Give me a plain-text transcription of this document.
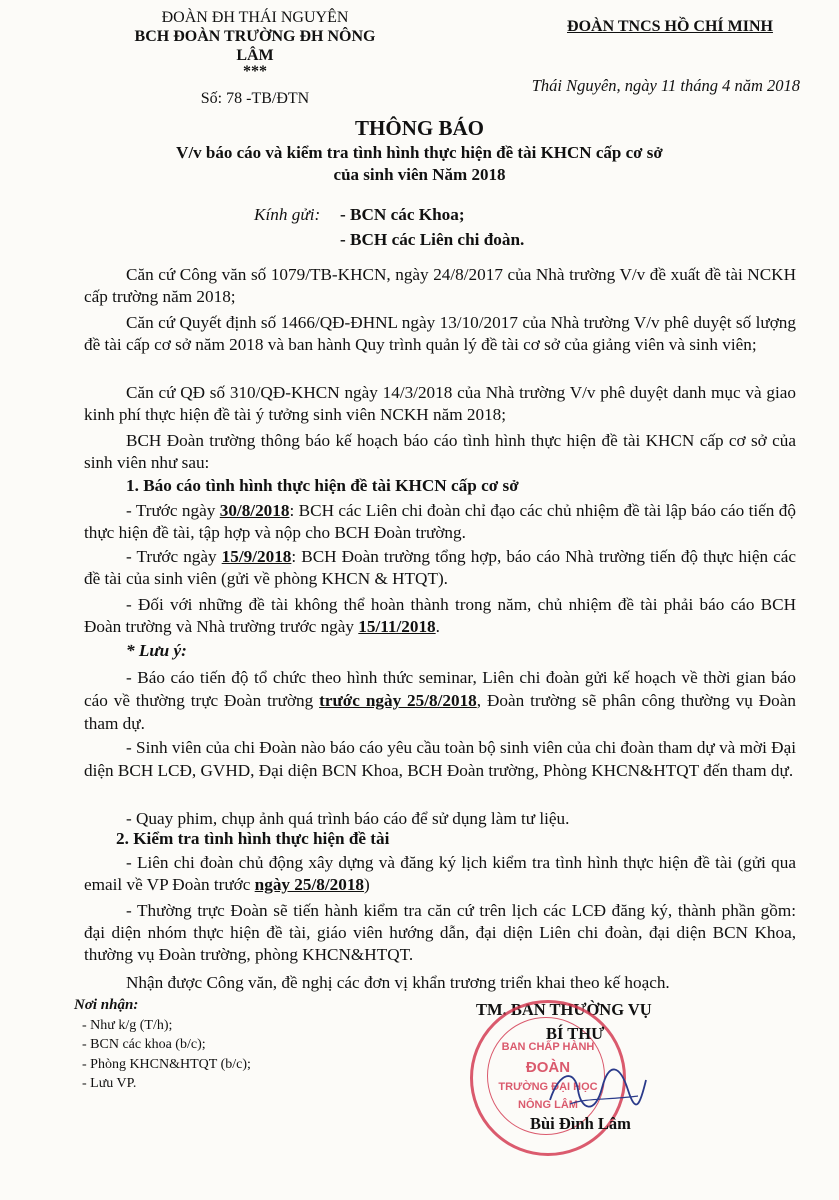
ĐOÀN ĐH THÁI NGUYÊN
BCH ĐOÀN TRƯỜNG ĐH NÔNG LÂM
***
Số: 78 -TB/ĐTN
ĐOÀN TNCS HỒ CHÍ MINH
Thái Nguyên, ngày 11 tháng 4 năm 2018
THÔNG BÁO
V/v báo cáo và kiểm tra tình hình thực hiện đề tài KHCN cấp cơ sở
của sinh viên Năm 2018
Kính gửi: - BCN các Khoa;
- BCH các Liên chi đoàn.
Căn cứ Công văn số 1079/TB-KHCN, ngày 24/8/2017 của Nhà trường V/v đề xuất đề tài NCKH cấp trường năm 2018;
Căn cứ Quyết định số 1466/QĐ-ĐHNL ngày 13/10/2017 của Nhà trường V/v phê duyệt số lượng đề tài cấp cơ sở năm 2018 và ban hành Quy trình quản lý đề tài cơ sở của giảng viên và sinh viên;
Căn cứ QĐ số 310/QĐ-KHCN ngày 14/3/2018 của Nhà trường V/v phê duyệt danh mục và giao kinh phí thực hiện đề tài ý tưởng sinh viên NCKH năm 2018;
BCH Đoàn trường thông báo kế hoạch báo cáo tình hình thực hiện đề tài KHCN cấp cơ sở của sinh viên như sau:
1. Báo cáo tình hình thực hiện đề tài KHCN cấp cơ sở
- Trước ngày 30/8/2018: BCH các Liên chi đoàn chỉ đạo các chủ nhiệm đề tài lập báo cáo tiến độ thực hiện đề tài, tập hợp và nộp cho BCH Đoàn trường.
- Trước ngày 15/9/2018: BCH Đoàn trường tổng hợp, báo cáo Nhà trường tiến độ thực hiện các đề tài của sinh viên (gửi về phòng KHCN & HTQT).
- Đối với những đề tài không thể hoàn thành trong năm, chủ nhiệm đề tài phải báo cáo BCH Đoàn trường và Nhà trường trước ngày 15/11/2018.
* Lưu ý:
- Báo cáo tiến độ tổ chức theo hình thức seminar, Liên chi đoàn gửi kế hoạch về thời gian báo cáo về thường trực Đoàn trường trước ngày 25/8/2018, Đoàn trường sẽ phân công thường vụ Đoàn tham dự.
- Sinh viên của chi Đoàn nào báo cáo yêu cầu toàn bộ sinh viên của chi đoàn tham dự và mời Đại diện BCH LCĐ, GVHD, Đại diện BCN Khoa, BCH Đoàn trường, Phòng KHCN&HTQT đến tham dự.
- Quay phim, chụp ảnh quá trình báo cáo để sử dụng làm tư liệu.
2. Kiểm tra tình hình thực hiện đề tài
- Liên chi đoàn chủ động xây dựng và đăng ký lịch kiểm tra tình hình thực hiện đề tài (gửi qua email về VP Đoàn trước ngày 25/8/2018)
- Thường trực Đoàn sẽ tiến hành kiểm tra căn cứ trên lịch các LCĐ đăng ký, thành phần gồm: đại diện nhóm thực hiện đề tài, giáo viên hướng dẫn, đại diện Liên chi đoàn, đại diện BCN Khoa, thường vụ Đoàn trường, phòng KHCN&HTQT.
Nhận được Công văn, đề nghị các đơn vị khẩn trương triển khai theo kế hoạch.
Nơi nhận:
- Như k/g (T/h);
- BCN các khoa (b/c);
- Phòng KHCN&HTQT (b/c);
- Lưu VP.
TM. BAN THƯỜNG VỤ
BAN CHẤP HÀNH
ĐOÀN
TRƯỜNG ĐẠI HỌC
NÔNG LÂM
BÍ THƯ
Bùi Đình Lâm
